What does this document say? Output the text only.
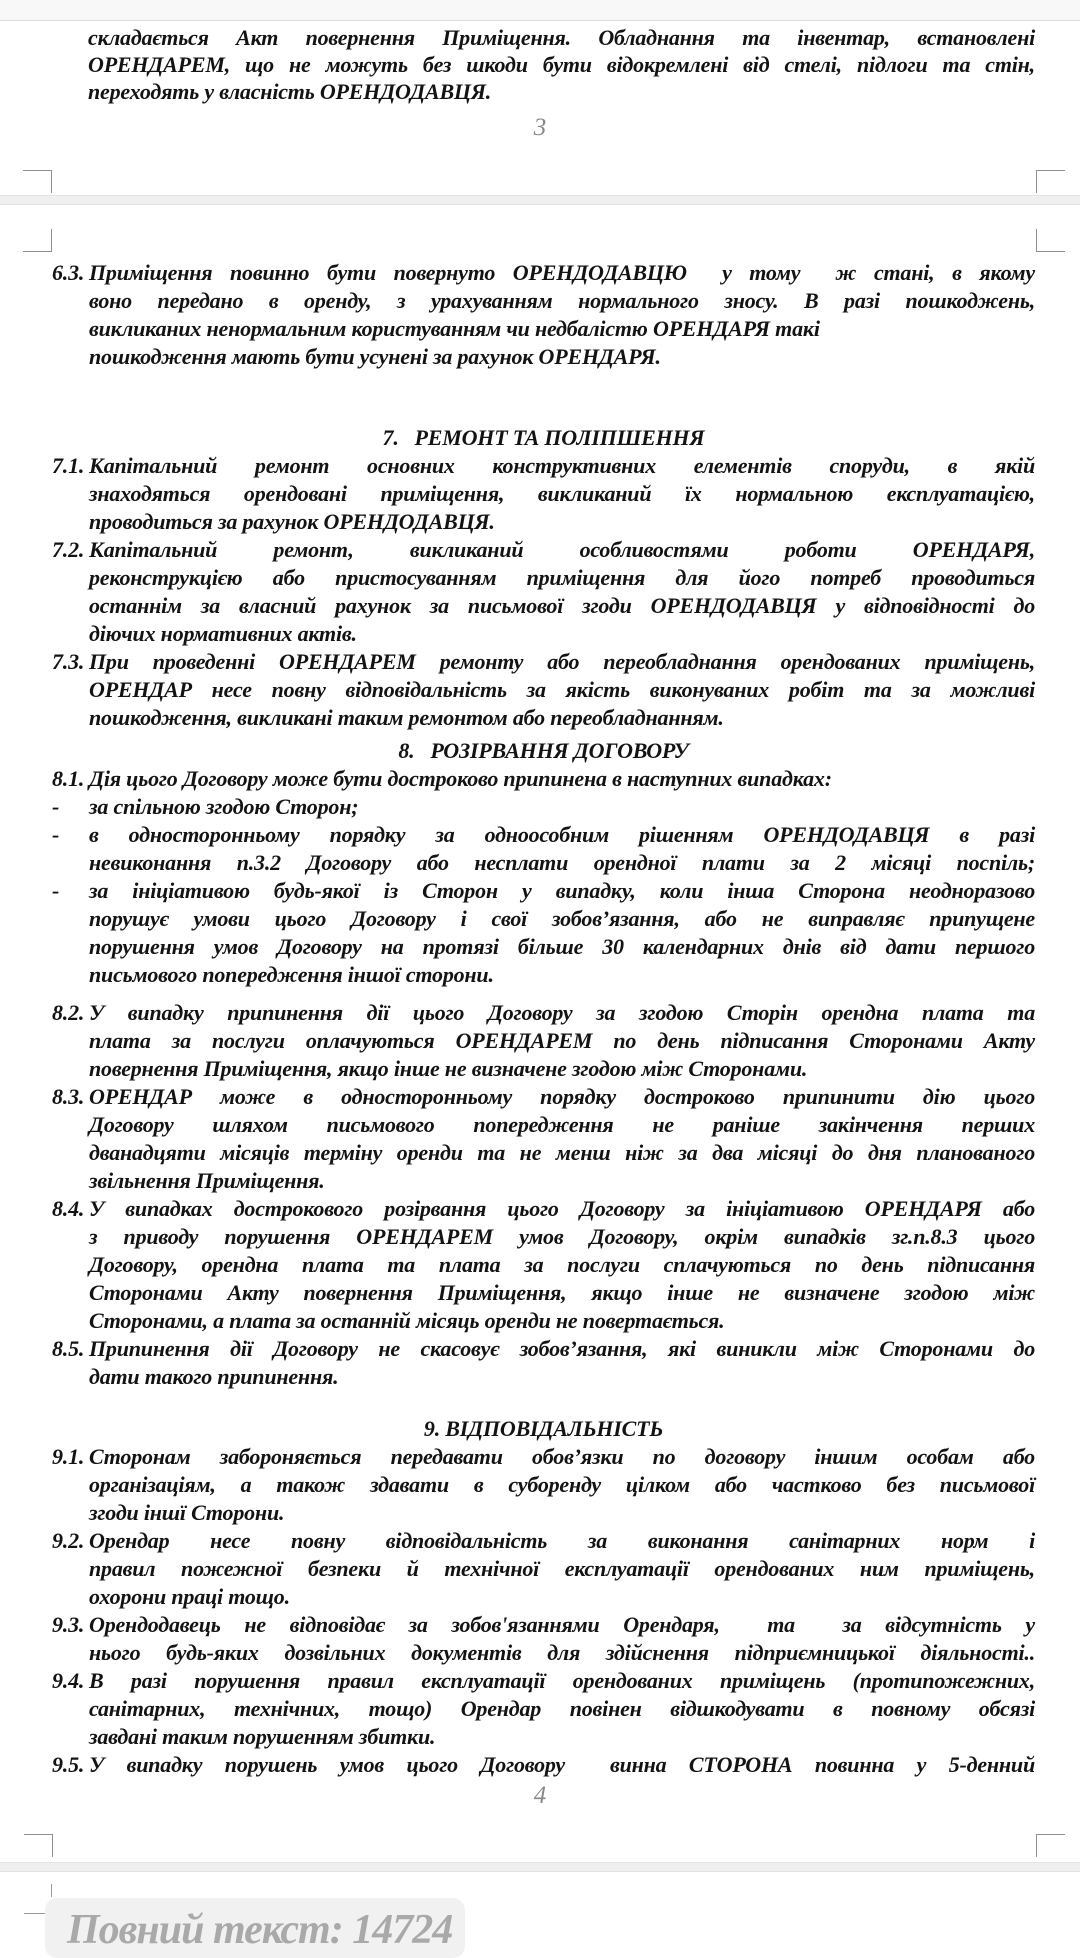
складається Акт повернення Приміщення. Обладнання та інвентар, встановлені
ОРЕНДАРЕМ, що не можуть без шкоди бути відокремлені від стелі, підлоги та стін,
переходять у власність ОРЕНДОДАВЦЯ.
3
6.3. Приміщення повинно бути повернуто ОРЕНДОДАВЦЮ  у тому  ж стані, в якому
воно передано в оренду, з урахуванням нормального зносу. В разі пошкоджень,
викликаних ненормальним користуванням чи недбалістю ОРЕНДАРЯ такі
пошкодження мають бути усунені за рахунок ОРЕНДАРЯ.
7.   РЕМОНТ ТА ПОЛІПШЕННЯ
7.1. Капітальний ремонт основних конструктивних елементів споруди, в якій
знаходяться орендовані приміщення, викликаний їх нормальною експлуатацією,
проводиться за рахунок ОРЕНДОДАВЦЯ.
7.2. Капітальний ремонт, викликаний особливостями роботи ОРЕНДАРЯ,
реконструкцією або пристосуванням приміщення для його потреб проводиться
останнім за власний рахунок за письмової згоди ОРЕНДОДАВЦЯ у відповідності до
діючих нормативних актів.
7.3. При проведенні ОРЕНДАРЕМ ремонту або переобладнання орендованих приміщень,
ОРЕНДАР несе повну відповідальність за якість виконуваних робіт та за можливі
пошкодження, викликані таким ремонтом або переобладнанням.
8.   РОЗІРВАННЯ ДОГОВОРУ
8.1. Дія цього Договору може бути достроково припинена в наступних випадках:
- за спільною згодою Сторон;
- в односторонньому порядку за одноособним рішенням ОРЕНДОДАВЦЯ в разі
невиконання п.3.2 Договору або несплати орендної плати за 2 місяці поспіль;
- за ініціативою будь-якої із Сторон у випадку, коли інша Сторона неодноразово
порушує умови цього Договору і свої зобов’язання, або не виправляє припущене
порушення умов Договору на протязі більше 30 календарних днів від дати першого
письмового попередження іншої сторони.
8.2. У випадку припинення дії цього Договору за згодою Сторін орендна плата та
плата за послуги оплачуються ОРЕНДАРЕМ по день підписання Сторонами Акту
повернення Приміщення, якщо інше не визначене згодою між Сторонами.
8.3. ОРЕНДАР може в односторонньому порядку достроково припинити дію цього
Договору шляхом письмового попередження не раніше закінчення перших
дванадцяти місяців терміну оренди та не менш ніж за два місяці до дня планованого
звільнення Приміщення.
8.4. У випадках дострокового розірвання цього Договору за ініціативою ОРЕНДАРЯ або
з приводу порушення ОРЕНДАРЕМ умов Договору, окрім випадків зг.п.8.3 цього
Договору, орендна плата та плата за послуги сплачуються по день підписання
Сторонами Акту повернення Приміщення, якщо інше не визначене згодою між
Сторонами, а плата за останній місяць оренди не повертається.
8.5. Припинення дії Договору не скасовує зобов’язання, які виникли між Сторонами до
дати такого припинення.
9. ВІДПОВІДАЛЬНІСТЬ
9.1. Сторонам забороняється передавати обов’язки по договору іншим особам або
організаціям, а також здавати в суборенду цілком або частково без письмової
згоди іншї Сторони.
9.2. Орендар несе повну відповідальність за виконання санітарних норм і
правил пожежної безпеки й технічної експлуатації орендованих ним приміщень,
охорони праці тощо.
9.3. Орендодавець не відповідає за зобов'язаннями Орендаря,  та  за відсутність у
нього будь-яких дозвільних документів для здійснення підприємницької діяльності..
9.4. В разі порушення правил експлуатації орендованих приміщень (протипожежних,
санітарних, технічних, тощо) Орендар повінен відшкодувати в повному обсязі
завдані таким порушенням збитки.
9.5. У випадку порушень умов цього Договору  винна СТОРОНА повинна у 5-денний
4
Повний текст: 14724
